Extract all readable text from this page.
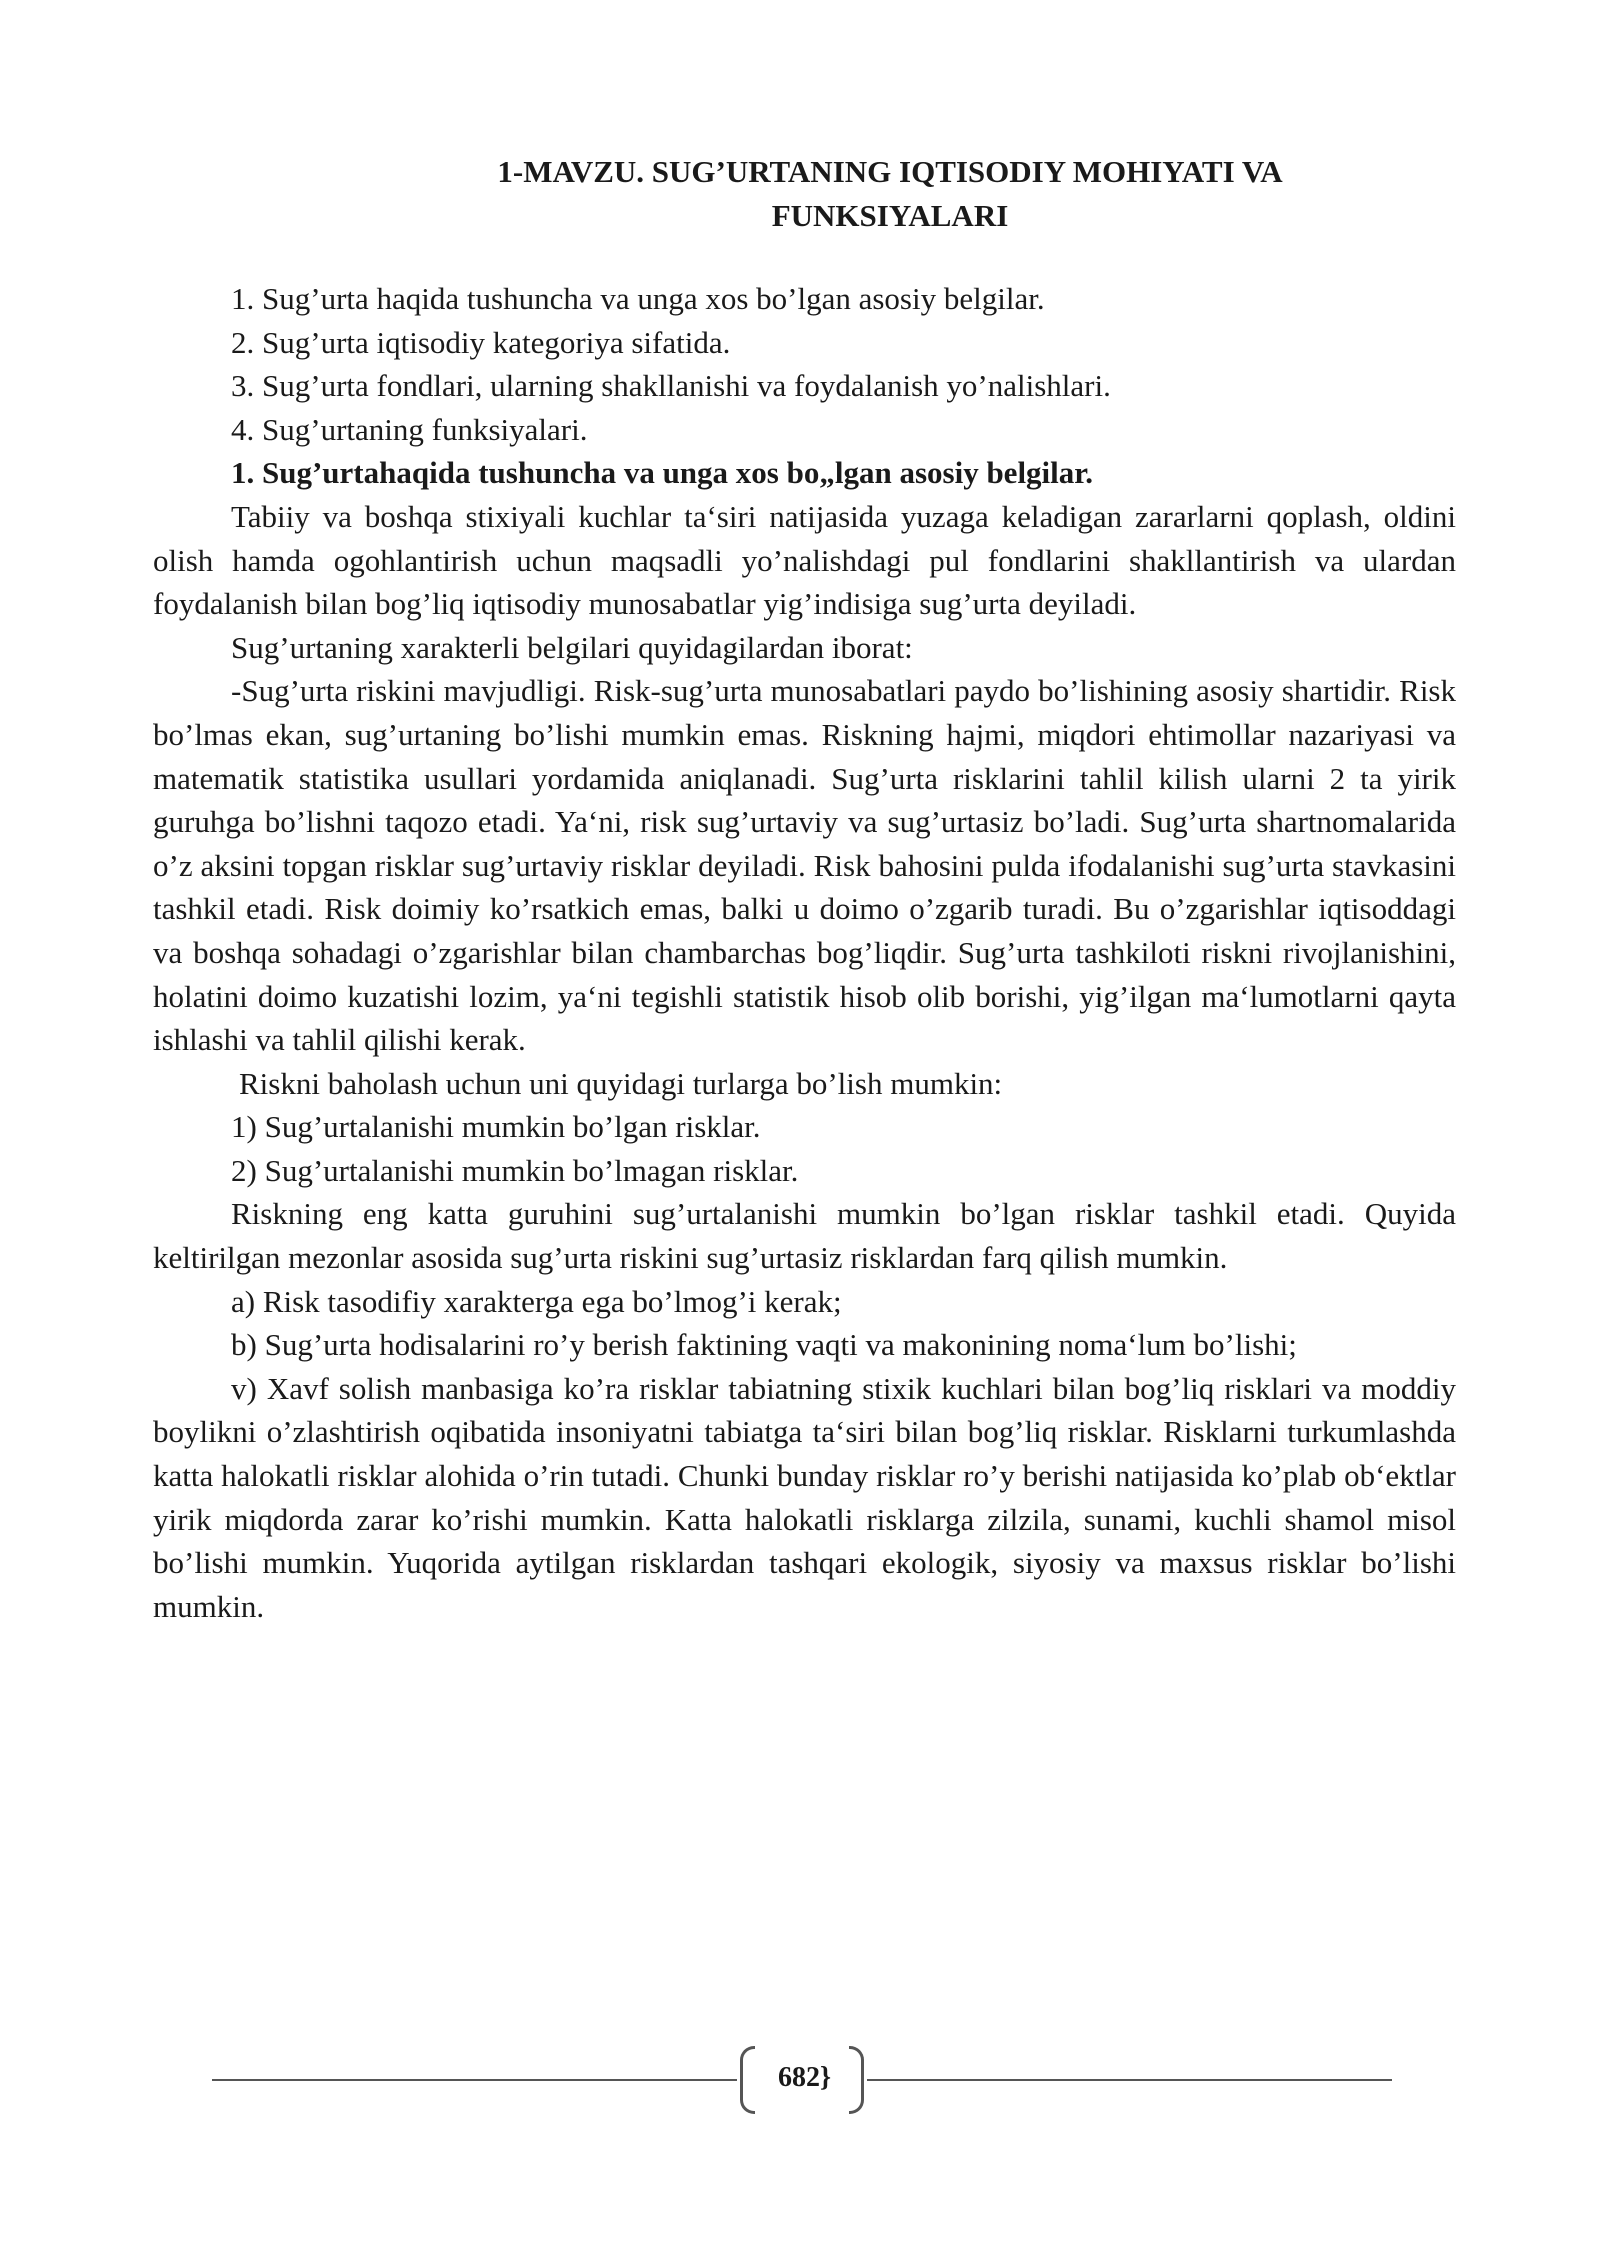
1-MAVZU. SUG’URTANING IQTISODIY MOHIYATI VA
FUNKSIYALARI

1. Sug’urta haqida tushuncha va unga xos bo’lgan asosiy belgilar.

2. Sug’urta iqtisodiy kategoriya sifatida.

3. Sug’urta fondlari, ularning shakllanishi va foydalanish yo’nalishlari.

4. Sug’urtaning funksiyalari.

1. Sug’urtahaqida tushuncha va unga xos bo„lgan asosiy belgilar.

Tabiiy va boshqa stixiyali kuchlar ta‘siri natijasida yuzaga keladigan zararlarni qoplash, oldini olish hamda ogohlantirish uchun maqsadli yo’nalishdagi pul fondlarini shakllantirish va ulardan foydalanish bilan bog’liq iqtisodiy munosabatlar yig’indisiga sug’urta deyiladi.

Sug’urtaning xarakterli belgilari quyidagilardan iborat:

-Sug’urta riskini mavjudligi. Risk-sug’urta munosabatlari paydo bo’lishining asosiy shartidir. Risk bo’lmas ekan, sug’urtaning bo’lishi mumkin emas. Riskning hajmi, miqdori ehtimollar nazariyasi va matematik statistika usullari yordamida aniqlanadi. Sug’urta risklarini tahlil kilish ularni 2 ta yirik guruhga bo’lishni taqozo etadi. Ya‘ni, risk sug’urtaviy va sug’urtasiz bo’ladi. Sug’urta shartnomalarida o’z aksini topgan risklar sug’urtaviy risklar deyiladi. Risk bahosini pulda ifodalanishi sug’urta stavkasini tashkil etadi. Risk doimiy ko’rsatkich emas, balki u doimo o’zgarib turadi. Bu o’zgarishlar iqtisoddagi va boshqa sohadagi o’zgarishlar bilan chambarchas bog’liqdir. Sug’urta tashkiloti riskni rivojlanishini, holatini doimo kuzatishi lozim, ya‘ni tegishli statistik hisob olib borishi, yig’ilgan ma‘lumotlarni qayta ishlashi va tahlil qilishi kerak.

Riskni baholash uchun uni quyidagi turlarga bo’lish mumkin:

1) Sug’urtalanishi mumkin bo’lgan risklar.

2) Sug’urtalanishi mumkin bo’lmagan risklar.

Riskning eng katta guruhini sug’urtalanishi mumkin bo’lgan risklar tashkil etadi. Quyida keltirilgan mezonlar asosida sug’urta riskini sug’urtasiz risklardan farq qilish mumkin.

a) Risk tasodifiy xarakterga ega bo’lmog’i kerak;

b) Sug’urta hodisalarini ro’y berish faktining vaqti va makonining noma‘lum bo’lishi;

v) Xavf solish manbasiga ko’ra risklar tabiatning stixik kuchlari bilan bog’liq risklari va moddiy boylikni o’zlashtirish oqibatida insoniyatni tabiatga ta‘siri bilan bog’liq risklar. Risklarni turkumlashda katta halokatli risklar alohida o’rin tutadi. Chunki bunday risklar ro’y berishi natijasida ko’plab ob‘ektlar yirik miqdorda zarar ko’rishi mumkin. Katta halokatli risklarga zilzila, sunami, kuchli shamol misol bo’lishi mumkin. Yuqorida aytilgan risklardan tashqari ekologik, siyosiy va maxsus risklar bo’lishi mumkin.

682}
